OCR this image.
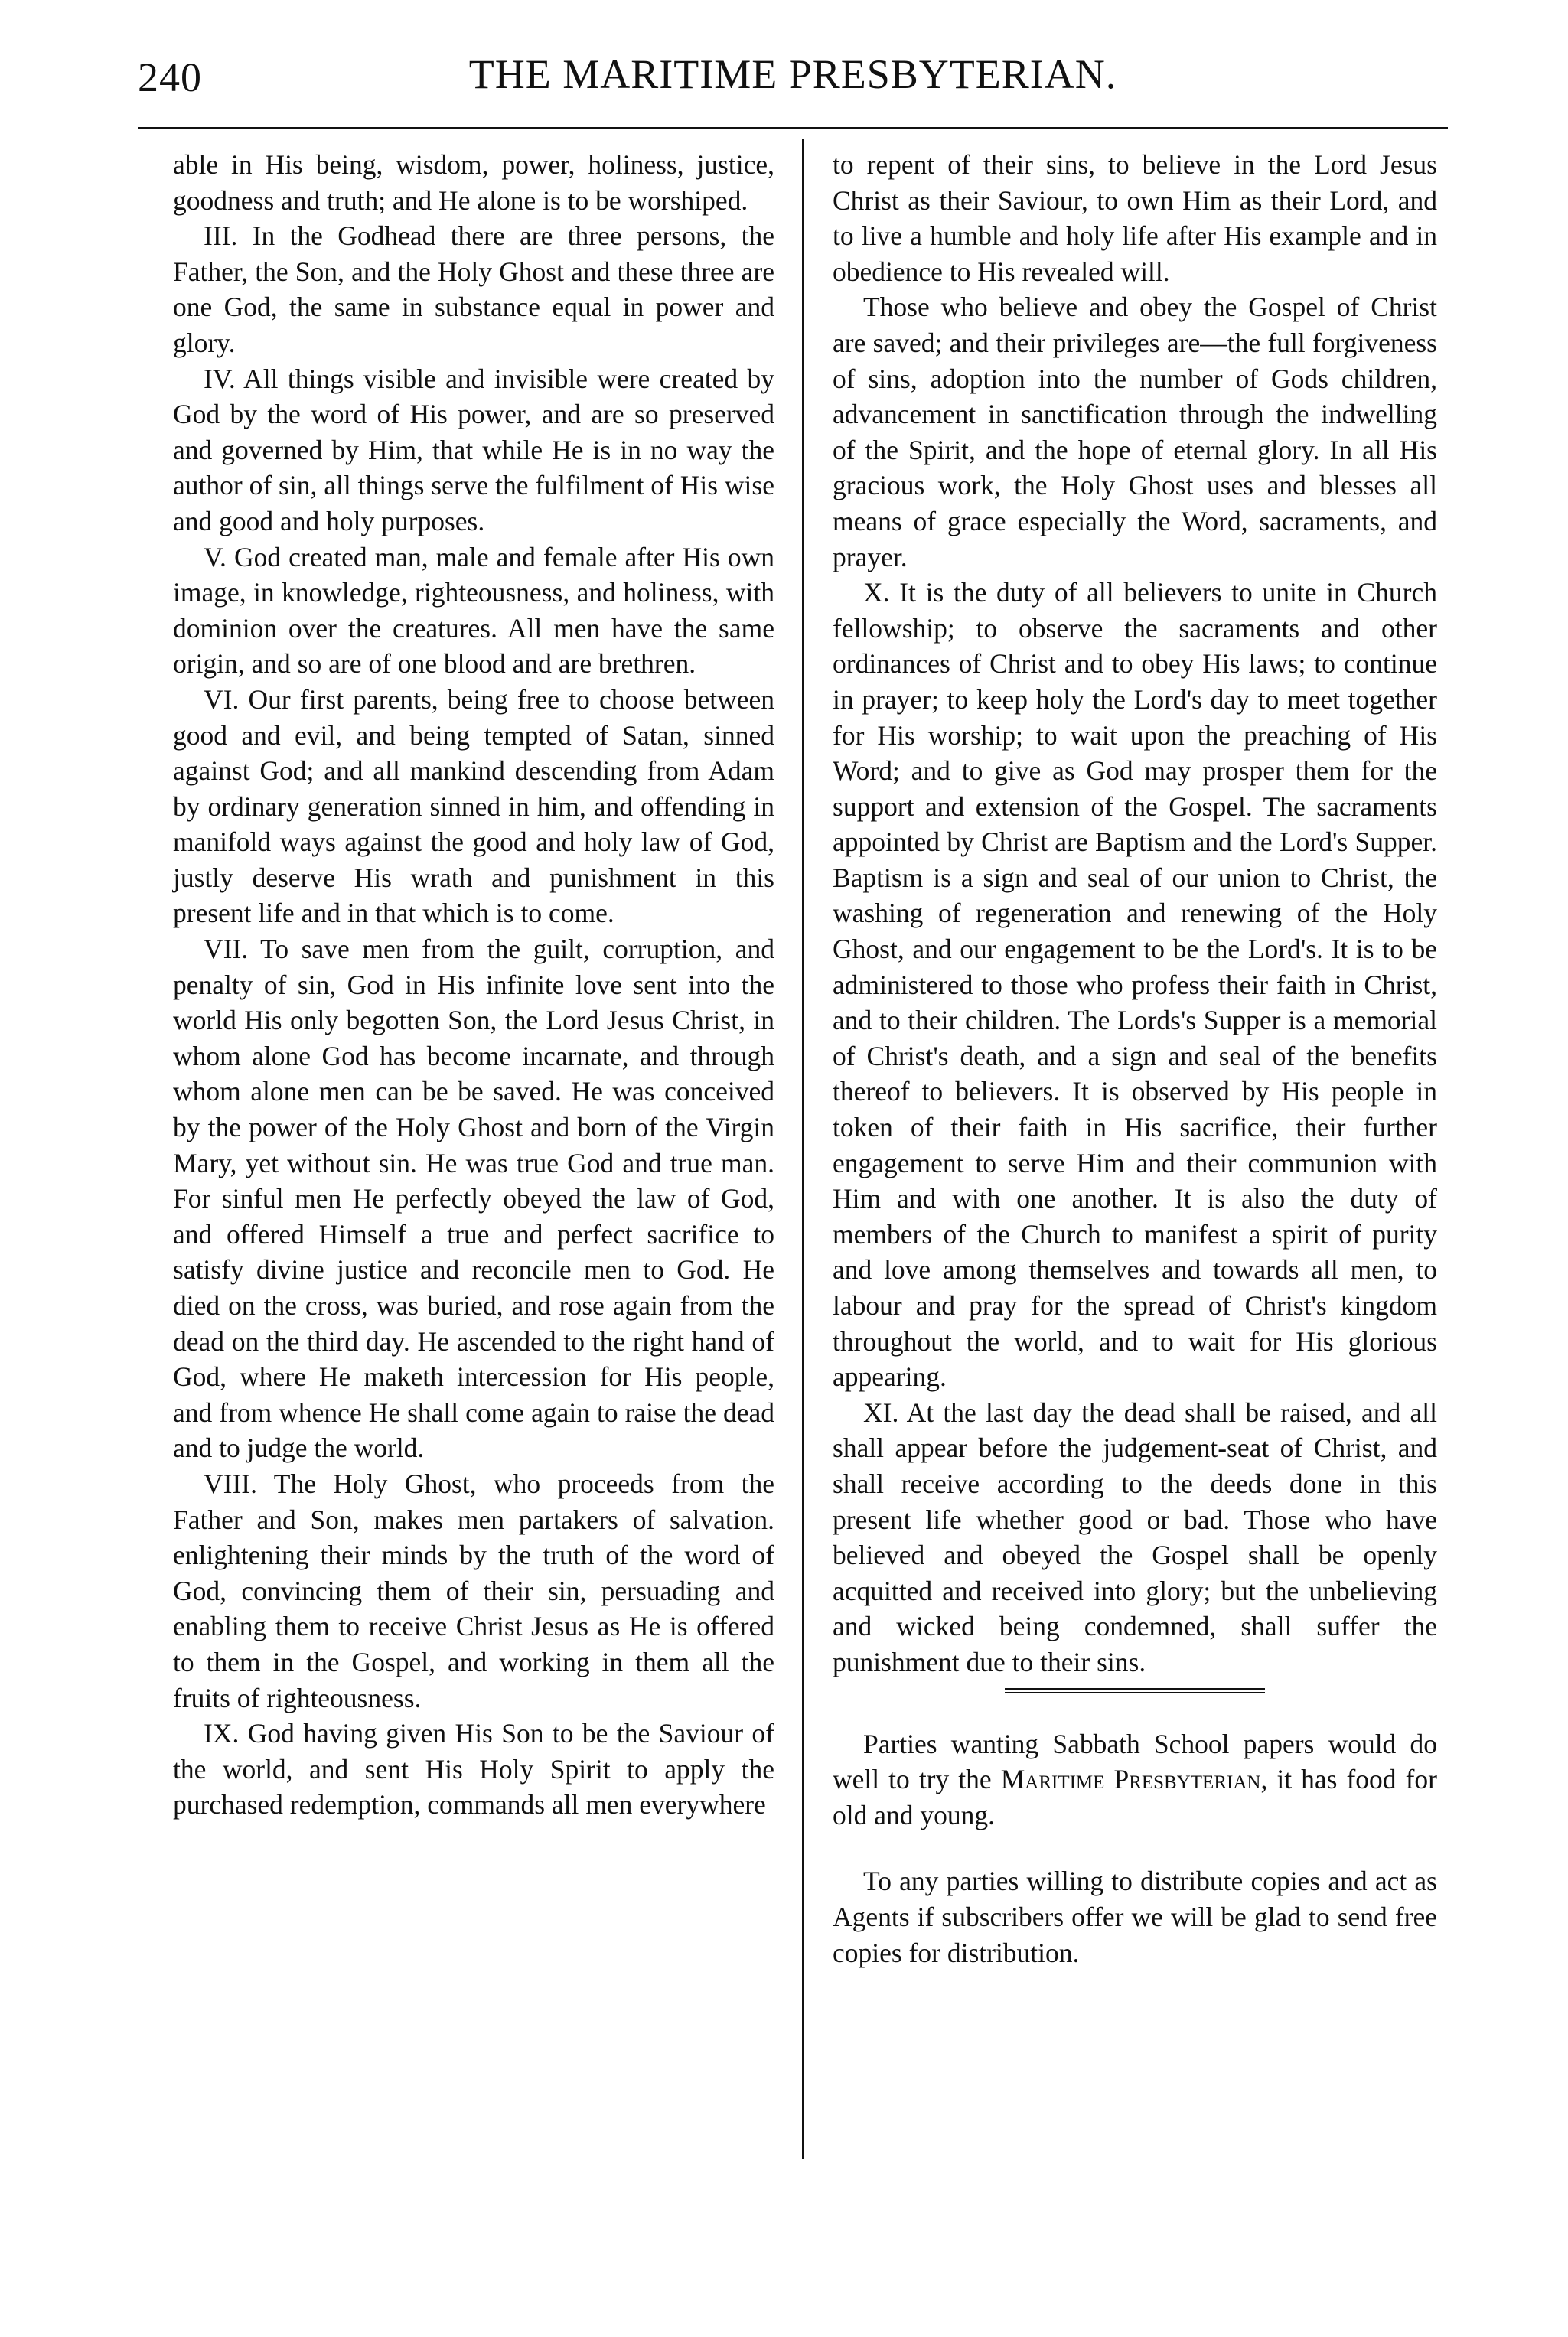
240	THE MARITIME PRESBYTERIAN.

able in His being, wisdom, power, holiness, justice, goodness and truth; and He alone is to be worshiped.

III. In the Godhead there are three persons, the Father, the Son, and the Holy Ghost and these three are one God, the same in substance equal in power and glory.

IV. All things visible and invisible were created by God by the word of His power, and are so preserved and governed by Him, that while He is in no way the author of sin, all things serve the fulfilment of His wise and good and holy purposes.

V. God created man, male and female after His own image, in knowledge, righteousness, and holiness, with dominion over the creatures. All men have the same origin, and so are of one blood and are brethren.

VI. Our first parents, being free to choose between good and evil, and being tempted of Satan, sinned against God; and all mankind descending from Adam by ordinary generation sinned in him, and offending in manifold ways against the good and holy law of God, justly deserve His wrath and punishment in this present life and in that which is to come.

VII. To save men from the guilt, corruption, and penalty of sin, God in His infinite love sent into the world His only begotten Son, the Lord Jesus Christ, in whom alone God has become incarnate, and through whom alone men can be be saved. He was conceived by the power of the Holy Ghost and born of the Virgin Mary, yet without sin. He was true God and true man. For sinful men He perfectly obeyed the law of God, and offered Himself a true and perfect sacrifice to satisfy divine justice and reconcile men to God. He died on the cross, was buried, and rose again from the dead on the third day. He ascended to the right hand of God, where He maketh intercession for His people, and from whence He shall come again to raise the dead and to judge the world.

VIII. The Holy Ghost, who proceeds from the Father and Son, makes men partakers of salvation. enlightening their minds by the truth of the word of God, convincing them of their sin, persuading and enabling them to receive Christ Jesus as He is offered to them in the Gospel, and working in them all the fruits of righteousness.

IX. God having given His Son to be the Saviour of the world, and sent His Holy Spirit to apply the purchased redemption, commands all men everywhere

to repent of their sins, to believe in the Lord Jesus Christ as their Saviour, to own Him as their Lord, and to live a humble and holy life after His example and in obedience to His revealed will.

Those who believe and obey the Gospel of Christ are saved; and their privileges are—the full forgiveness of sins, adoption into the number of Gods children, advancement in sanctification through the indwelling of the Spirit, and the hope of eternal glory. In all His gracious work, the Holy Ghost uses and blesses all means of grace especially the Word, sacraments, and prayer.

X. It is the duty of all believers to unite in Church fellowship; to observe the sacraments and other ordinances of Christ and to obey His laws; to continue in prayer; to keep holy the Lord's day to meet together for His worship; to wait upon the preaching of His Word; and to give as God may prosper them for the support and extension of the Gospel. The sacraments appointed by Christ are Baptism and the Lord's Supper. Baptism is a sign and seal of our union to Christ, the washing of regeneration and renewing of the Holy Ghost, and our engagement to be the Lord's. It is to be administered to those who profess their faith in Christ, and to their children. The Lords's Supper is a memorial of Christ's death, and a sign and seal of the benefits thereof to believers. It is observed by His people in token of their faith in His sacrifice, their further engagement to serve Him and their communion with Him and with one another. It is also the duty of members of the Church to manifest a spirit of purity and love among themselves and towards all men, to labour and pray for the spread of Christ's kingdom throughout the world, and to wait for His glorious appearing.

XI. At the last day the dead shall be raised, and all shall appear before the judgement-seat of Christ, and shall receive according to the deeds done in this present life whether good or bad. Those who have believed and obeyed the Gospel shall be openly acquitted and received into glory; but the unbelieving and wicked being condemned, shall suffer the punishment due to their sins.

Parties wanting Sabbath School papers would do well to try the Maritime Presbyterian, it has food for old and young.

To any parties willing to distribute copies and act as Agents if subscribers offer we will be glad to send free copies for distribution.
